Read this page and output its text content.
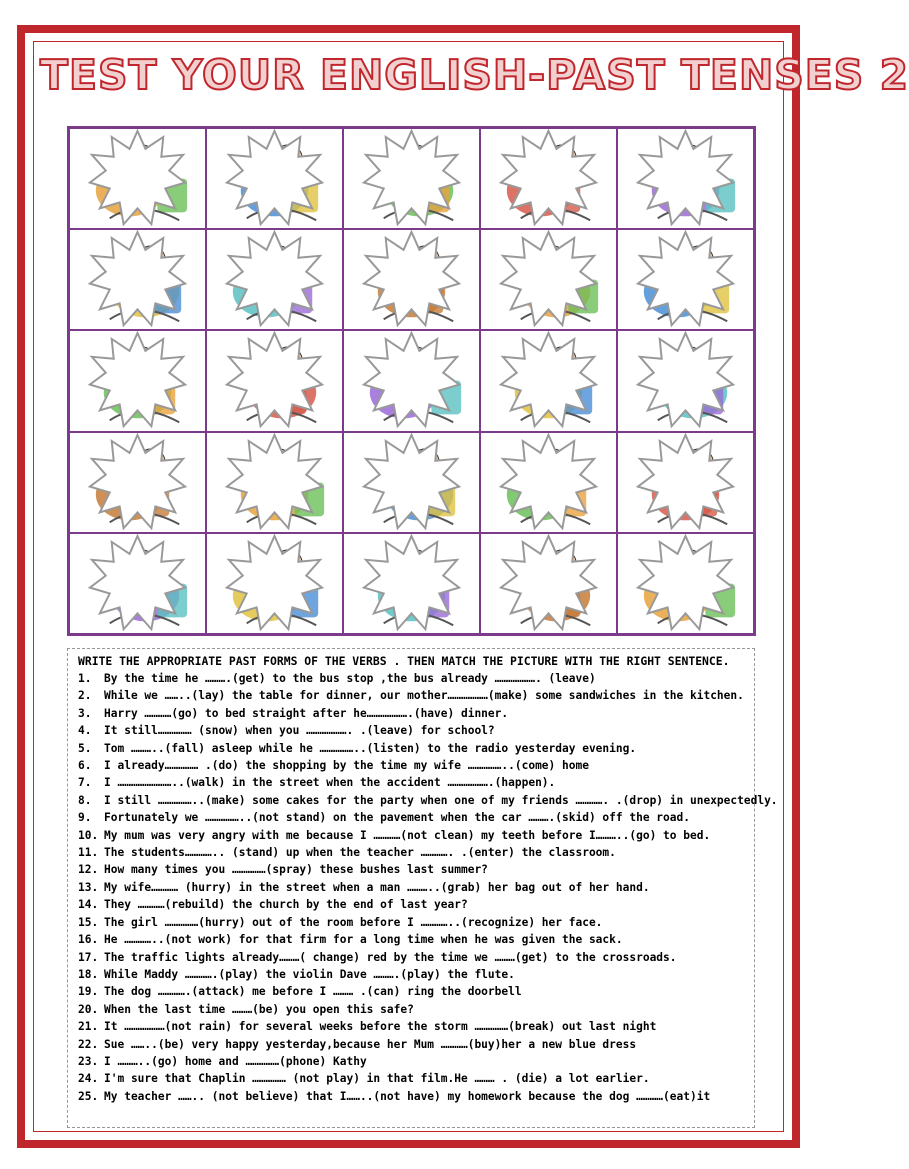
TEST YOUR ENGLISH-PAST TENSES 2

WRITE THE APPROPRIATE PAST FORMS OF THE VERBS . THEN MATCH THE PICTURE WITH THE RIGHT SENTENCE.

1. By the time he ……….(get) to the bus stop ,the bus already ………………. (leave)

2. While we ……..(lay) the table for dinner, our mother………………(make) some sandwiches in the kitchen.

3. Harry …………(go) to bed straight after he……………….(have) dinner.

4. It still…………… (snow) when you ………………. .(leave) for school?

5. Tom ………..(fall) asleep while he ……………..(listen) to the radio yesterday evening.

6. I already…………… .(do) the shopping by the time my wife ……………..(come) home

7. I ……………………..(walk) in the street when the accident ……………….(happen).

8. I still ……………..(make) some cakes for the party when one of my friends …………. .(drop) in unexpectedly.

9. Fortunately we ……………..(not stand) on the pavement when the car ……….(skid) off the road.

10. My mum was very angry with me because I …………(not clean) my teeth before I………..(go) to bed.

11. The students………….. (stand) up when the teacher …………. .(enter) the classroom.

12. How many times you ……………(spray) these bushes last summer?

13. My wife………… (hurry) in the street when a man ………..(grab) her bag out of her hand.

14. They …………(rebuild) the church by the end of last year?

15. The girl ……………(hurry) out of the room before I …………..(recognize) her face.

16. He …………..(not work) for that firm for a long time when he was given the sack.

17. The traffic lights already………( change) red by the time we ………(get) to the crossroads.

18. While Maddy ………….(play) the violin Dave ……….(play) the flute.

19. The dog ………….(attack) me before I ……… .(can) ring the doorbell

20. When the last time ………(be) you open this safe?

21. It ………………(not rain) for several weeks before the storm ……………(break) out last night

22. Sue ……..(be) very happy yesterday,because her Mum …………(buy)her a new blue dress

23. I ………..(go) home and ……………(phone) Kathy

24. I'm sure that Chaplin …………… (not play) in that film.He ……… . (die) a lot earlier.

25. My teacher …….. (not believe) that I……..(not have) my homework because the dog …………(eat)it
